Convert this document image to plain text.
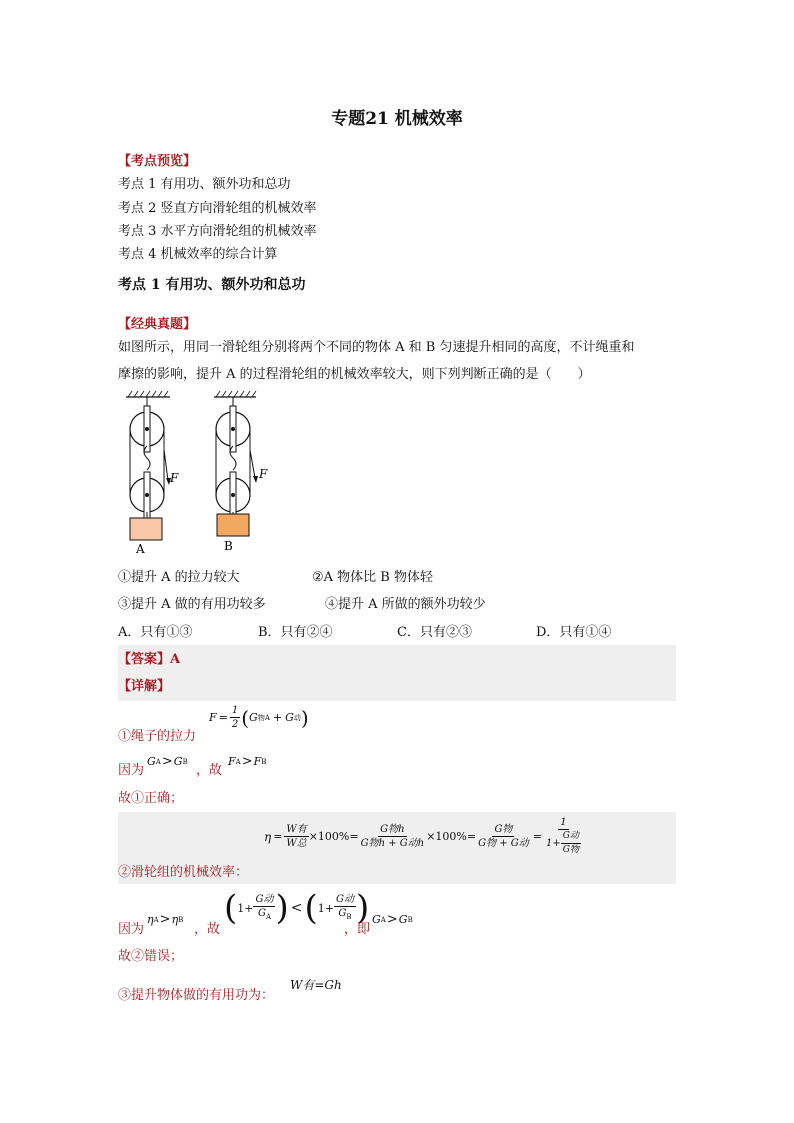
专题21 机械效率
【考点预览】
考点 1 有用功、额外功和总功
考点 2 竖直方向滑轮组的机械效率
考点 3 水平方向滑轮组的机械效率
考点 4 机械效率的综合计算
考点 1 有用功、额外功和总功
【经典真题】
如图所示，用同一滑轮组分别将两个不同的物体 A 和 B 匀速提升相同的高度，不计绳重和
摩擦的影响，提升 A 的过程滑轮组的机械效率较大，则下列判断正确的是（　　）
F	F
A	B
①提升 A 的拉力较大	②A 物体比 B 物体轻
③提升 A 做的有用功较多	④提升 A 所做的额外功较少
A．只有①③	B．只有②④	C．只有②③	D．只有①④
【答案】A
【详解】
①绳子的拉力
$F = \frac{1}{2}$ ( G 物A + G 动 )
因为
G A > G B
，故
F A > F B
故①正确；
$\eta = \frac{\text{W有}}{\text{W总}} \times 100\%= \frac{\text{G物h}}{\text{G物h + G动h}} \times 100\%= \frac{\text{G物}}{\text{G物 + G动}} = \frac{1}{1+ \frac{\text{G动}}{\text{G物}}}$
②滑轮组的机械效率：
因为
η A > η B
，故
( $1+ \frac{\text{G动}}{G_A}$ ) < ( $1+ \frac{\text{G动}}{G_B}$ )
，即
G A > G B
故②错误；
③提升物体做的有用功为：
W有=Gh
